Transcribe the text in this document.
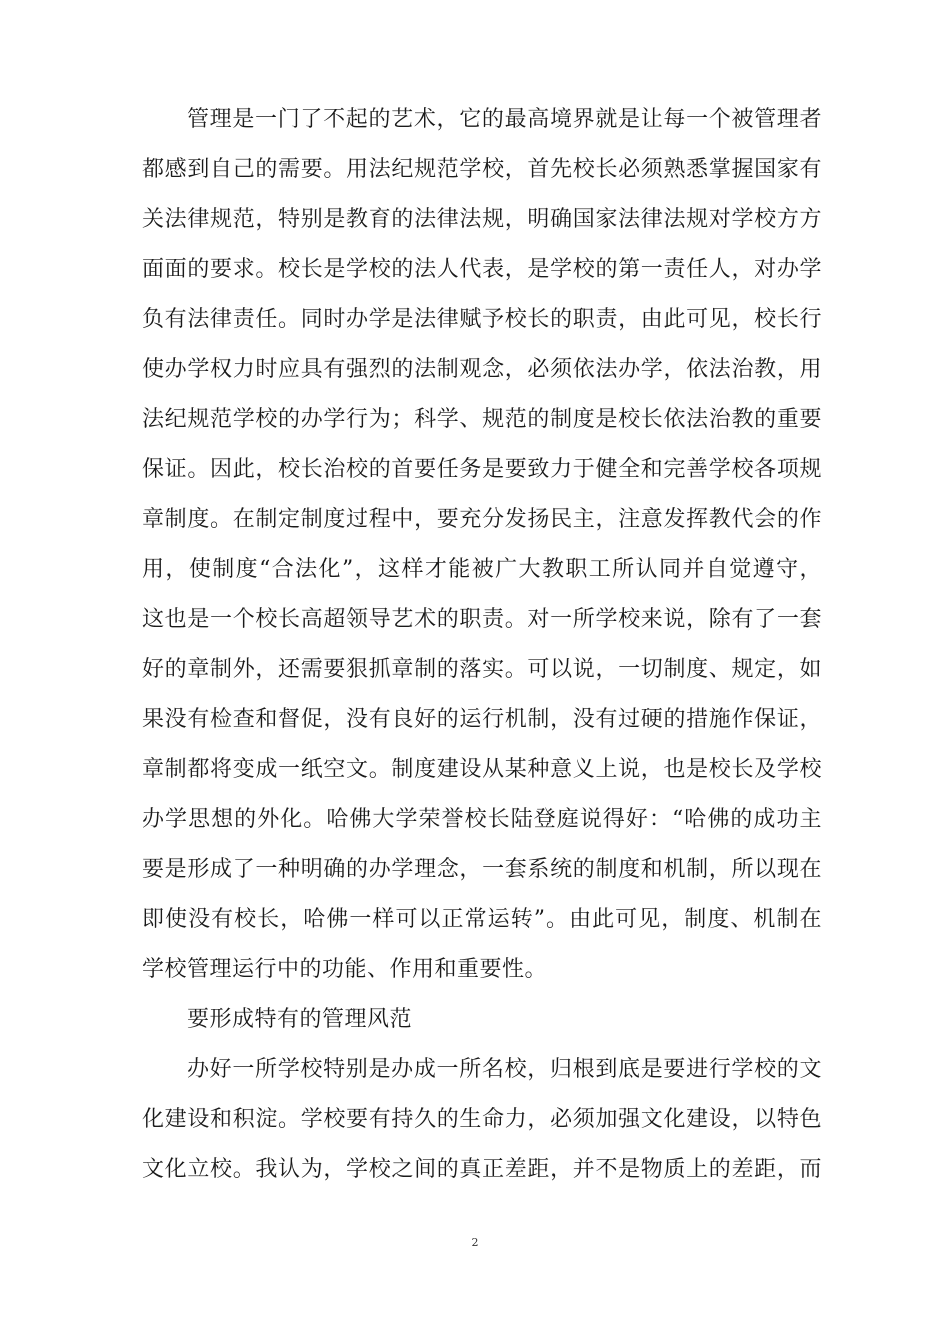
管理是一门了不起的艺术，它的最高境界就是让每一个被管理者
都感到自己的需要。用法纪规范学校，首先校长必须熟悉掌握国家有
关法律规范，特别是教育的法律法规，明确国家法律法规对学校方方
面面的要求。校长是学校的法人代表，是学校的第一责任人，对办学
负有法律责任。同时办学是法律赋予校长的职责，由此可见，校长行
使办学权力时应具有强烈的法制观念，必须依法办学，依法治教，用
法纪规范学校的办学行为；科学、规范的制度是校长依法治教的重要
保证。因此，校长治校的首要任务是要致力于健全和完善学校各项规
章制度。在制定制度过程中，要充分发扬民主，注意发挥教代会的作
用，使制度“合法化”，这样才能被广大教职工所认同并自觉遵守，
这也是一个校长高超领导艺术的职责。对一所学校来说，除有了一套
好的章制外，还需要狠抓章制的落实。可以说，一切制度、规定，如
果没有检查和督促，没有良好的运行机制，没有过硬的措施作保证，
章制都将变成一纸空文。制度建设从某种意义上说，也是校长及学校
办学思想的外化。哈佛大学荣誉校长陆登庭说得好：“哈佛的成功主
要是形成了一种明确的办学理念，一套系统的制度和机制，所以现在
即使没有校长，哈佛一样可以正常运转”。由此可见，制度、机制在
学校管理运行中的功能、作用和重要性。
要形成特有的管理风范
办好一所学校特别是办成一所名校，归根到底是要进行学校的文
化建设和积淀。学校要有持久的生命力，必须加强文化建设，以特色
文化立校。我认为，学校之间的真正差距，并不是物质上的差距，而
2
